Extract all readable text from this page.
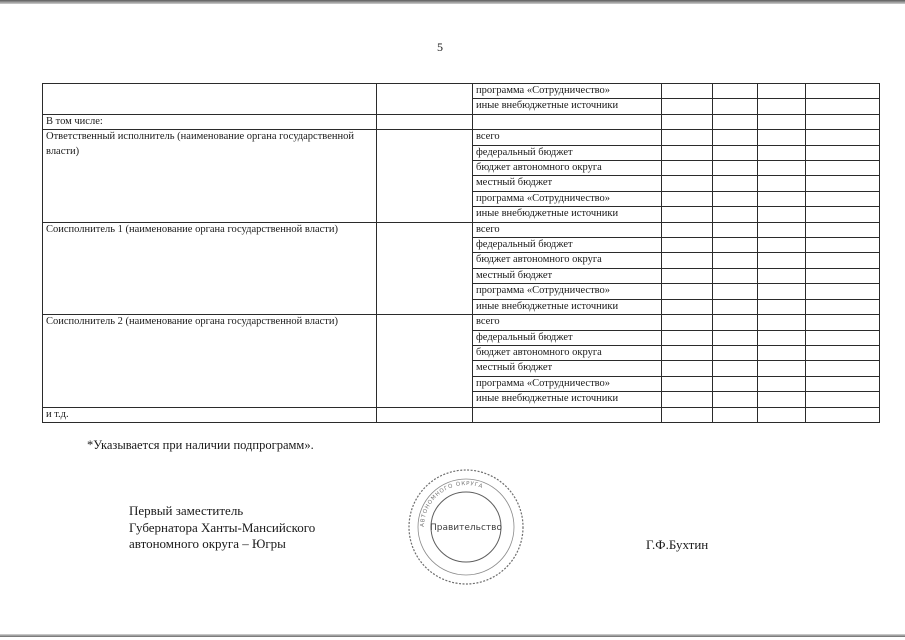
5
		программа «Сотрудничество»				
		иные внебюджетные источники				
В том числе:						
Ответственный исполнитель (наименование органа государственной власти)		всего				
		федеральный бюджет				
		бюджет автономного округа				
		местный бюджет				
		программа «Сотрудничество»				
		иные внебюджетные источники				
Соисполнитель 1 (наименование органа государственной власти)		всего				
		федеральный бюджет				
		бюджет автономного округа				
		местный бюджет				
		программа «Сотрудничество»				
		иные внебюджетные источники				
Соисполнитель 2 (наименование органа государственной власти)		всего				
		федеральный бюджет				
		бюджет автономного округа				
		местный бюджет				
		программа «Сотрудничество»				
		иные внебюджетные источники				
и т.д.						
*Указывается при наличии подпрограмм».
Первый заместитель
Губернатора Ханты-Мансийского
автономного округа – Югры
АВТОНОМНОГО ОКРУГА
Правительство
Г.Ф.Бухтин
